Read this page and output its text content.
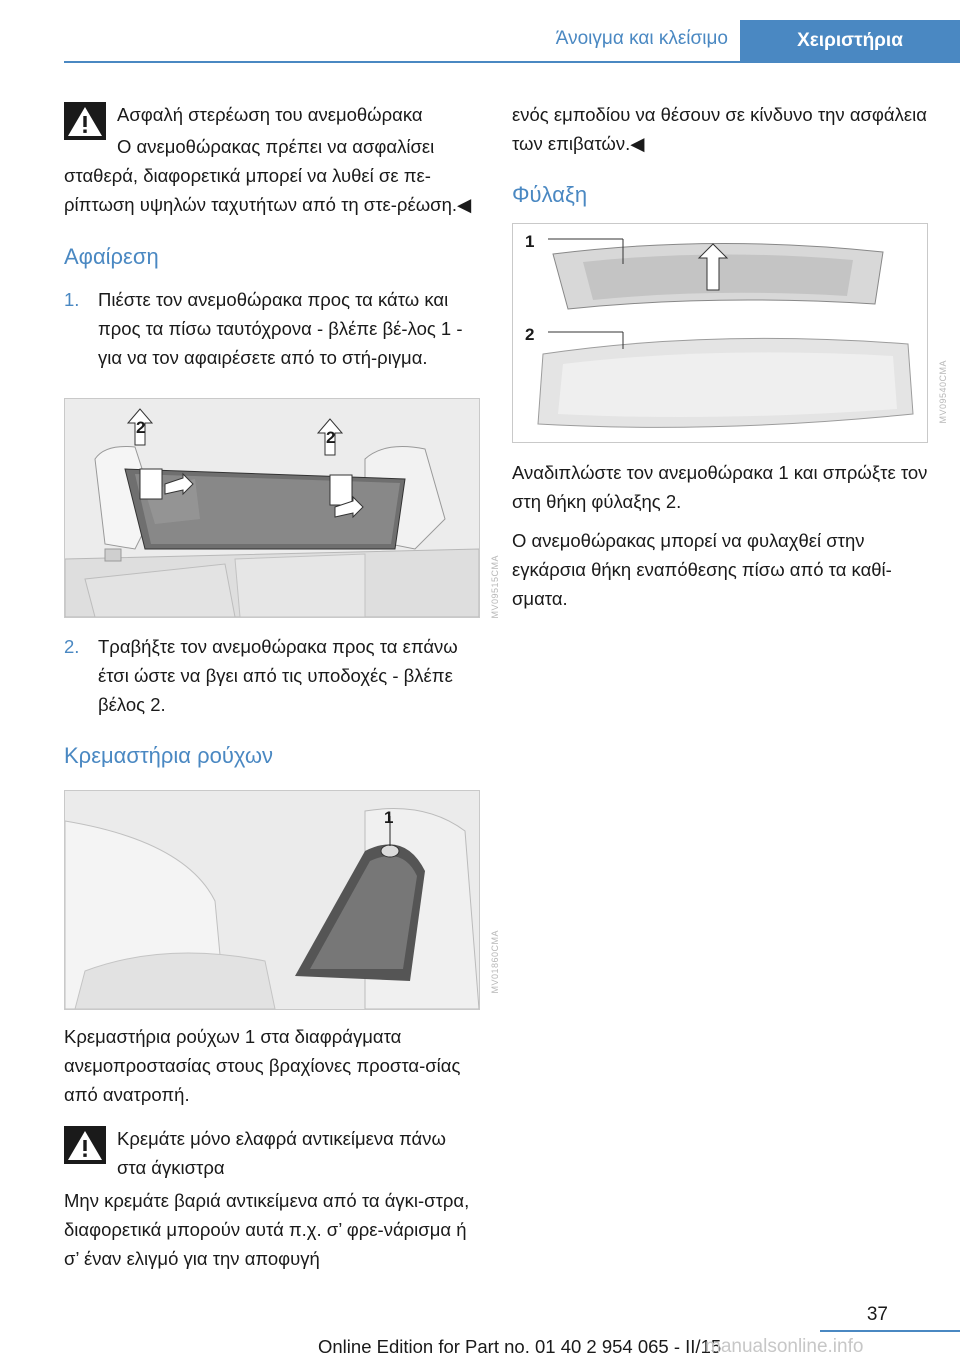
Άνοιγμα και κλείσιμο	Χειριστήρια

Ασφαλή στερέωση του ανεμοθώρακα

Ο ανεμοθώρακας πρέπει να ασφαλίσει

σταθερά, διαφορετικά μπορεί να λυθεί σε πε-ρίπτωση υψηλών ταχυτήτων από τη στε-ρέωση.◀

Αφαίρεση
1. Πιέστε τον ανεμοθώρακα προς τα κάτω και προς τα πίσω ταυτόχρονα - βλέπε βέ-λος 1 - για να τον αφαιρέσετε από το στή-ριγμα.
2
2
MV09515CMA
2. Τραβήξτε τον ανεμοθώρακα προς τα επάνω έτσι ώστε να βγει από τις υποδοχές - βλέπε βέλος 2.
Κρεμαστήρια ρούχων
1
MV01860CMA

Κρεμαστήρια ρούχων 1 στα διαφράγματα ανεμοπροστασίας στους βραχίονες προστα-σίας από ανατροπή.

Κρεμάτε μόνο ελαφρά αντικείμενα πάνω

στα άγκιστρα

Μην κρεμάτε βαριά αντικείμενα από τα άγκι-στρα, διαφορετικά μπορούν αυτά π.χ. σ’ φρε-νάρισμα ή σ’ έναν ελιγμό για την αποφυγή

ενός εμποδίου να θέσουν σε κίνδυνο την ασφάλεια των επιβατών.◀

Φύλαξη
1
2
MV09540CMA

Αναδιπλώστε τον ανεμοθώρακα 1 και σπρώξτε τον στη θήκη φύλαξης 2.

Ο ανεμοθώρακας μπορεί να φυλαχθεί στην εγκάρσια θήκη εναπόθεσης πίσω από τα καθί-σματα.

37
Online Edition for Part no. 01 40 2 954 065 - II/15
manualsonline.info
